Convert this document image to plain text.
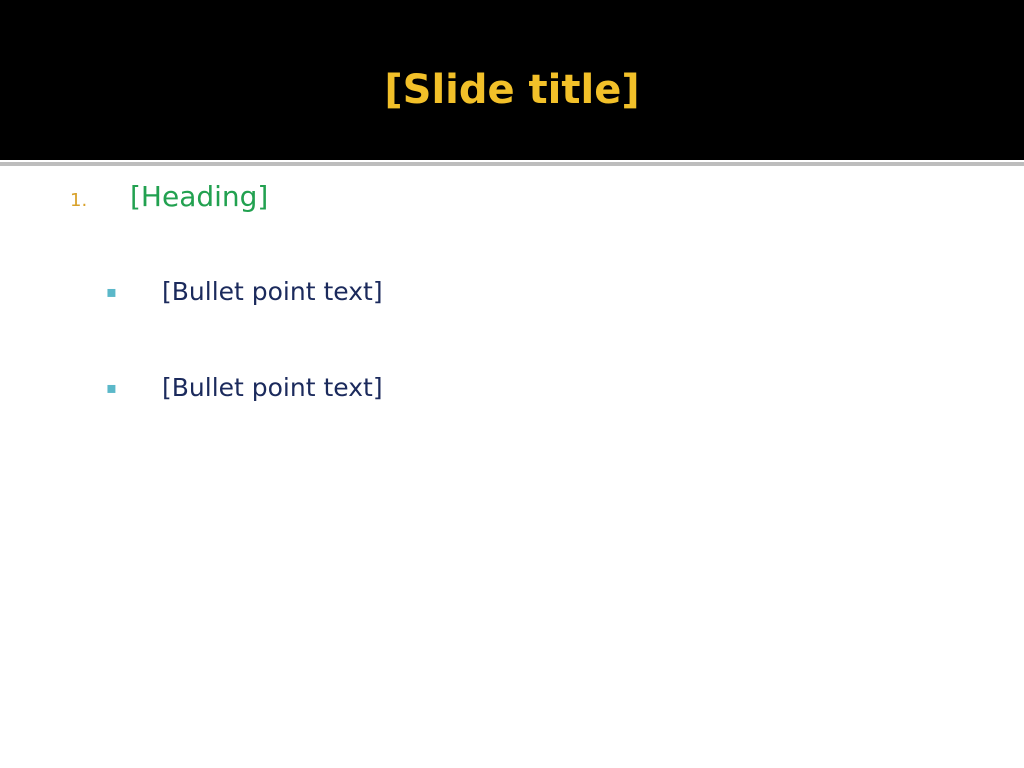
[Slide title]
1.	[Heading]
▪	[Bullet point text]
▪	[Bullet point text]
